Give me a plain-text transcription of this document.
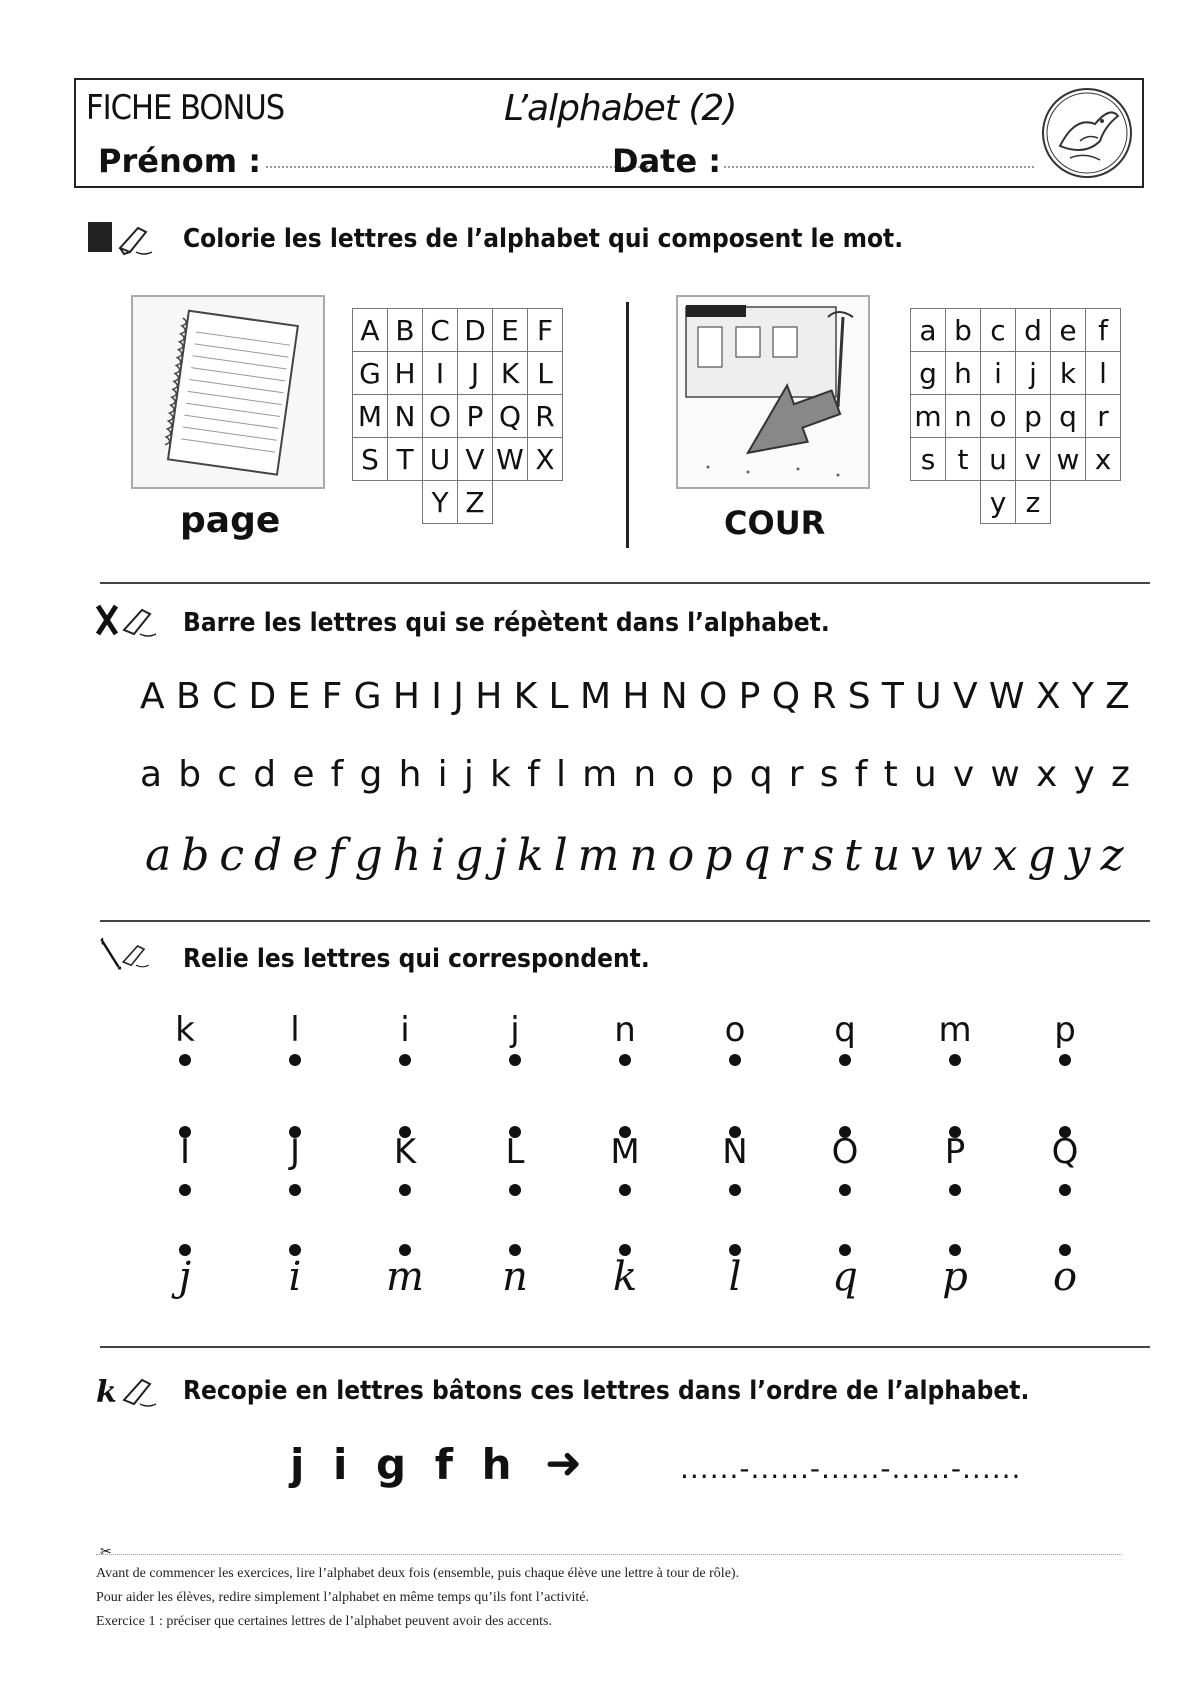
FICHE BONUS	L’alphabet (2)
Prénom :	Date :
Colorie les lettres de l’alphabet qui composent le mot.
page
A	B	C	D	E	F
G	H	I	J	K	L
M	N	O	P	Q	R
S	T	U	V	W	X
		Y	Z		
COUR
a	b	c	d	e	f
g	h	i	j	k	l
m	n	o	p	q	r
s	t	u	v	w	x
		y	z		
Barre les lettres qui se répètent dans l’alphabet.
A B C D E F G H I J H K L M H N O P Q R S T U V W X Y Z
a b c d e f g h i j k f l m n o p q r s f t u v w x y z
abcdefghigjklmnopqrstuvwxgyz
Relie les lettres qui correspondent.
k	l	i	j	n	o	q	m	p
I	J	K	L	M	N	O	P	Q
j	i	m	n	k	l	q	p	o
k	Recopie en lettres bâtons ces lettres dans l’ordre de l’alphabet.
j i g f h ➜	......-......-......-......-......
✂
Avant de commencer les exercices, lire l’alphabet deux fois (ensemble, puis chaque élève une lettre à tour de rôle).
Pour aider les élèves, redire simplement l’alphabet en même temps qu’ils font l’activité.
Exercice 1 : préciser que certaines lettres de l’alphabet peuvent avoir des accents.
